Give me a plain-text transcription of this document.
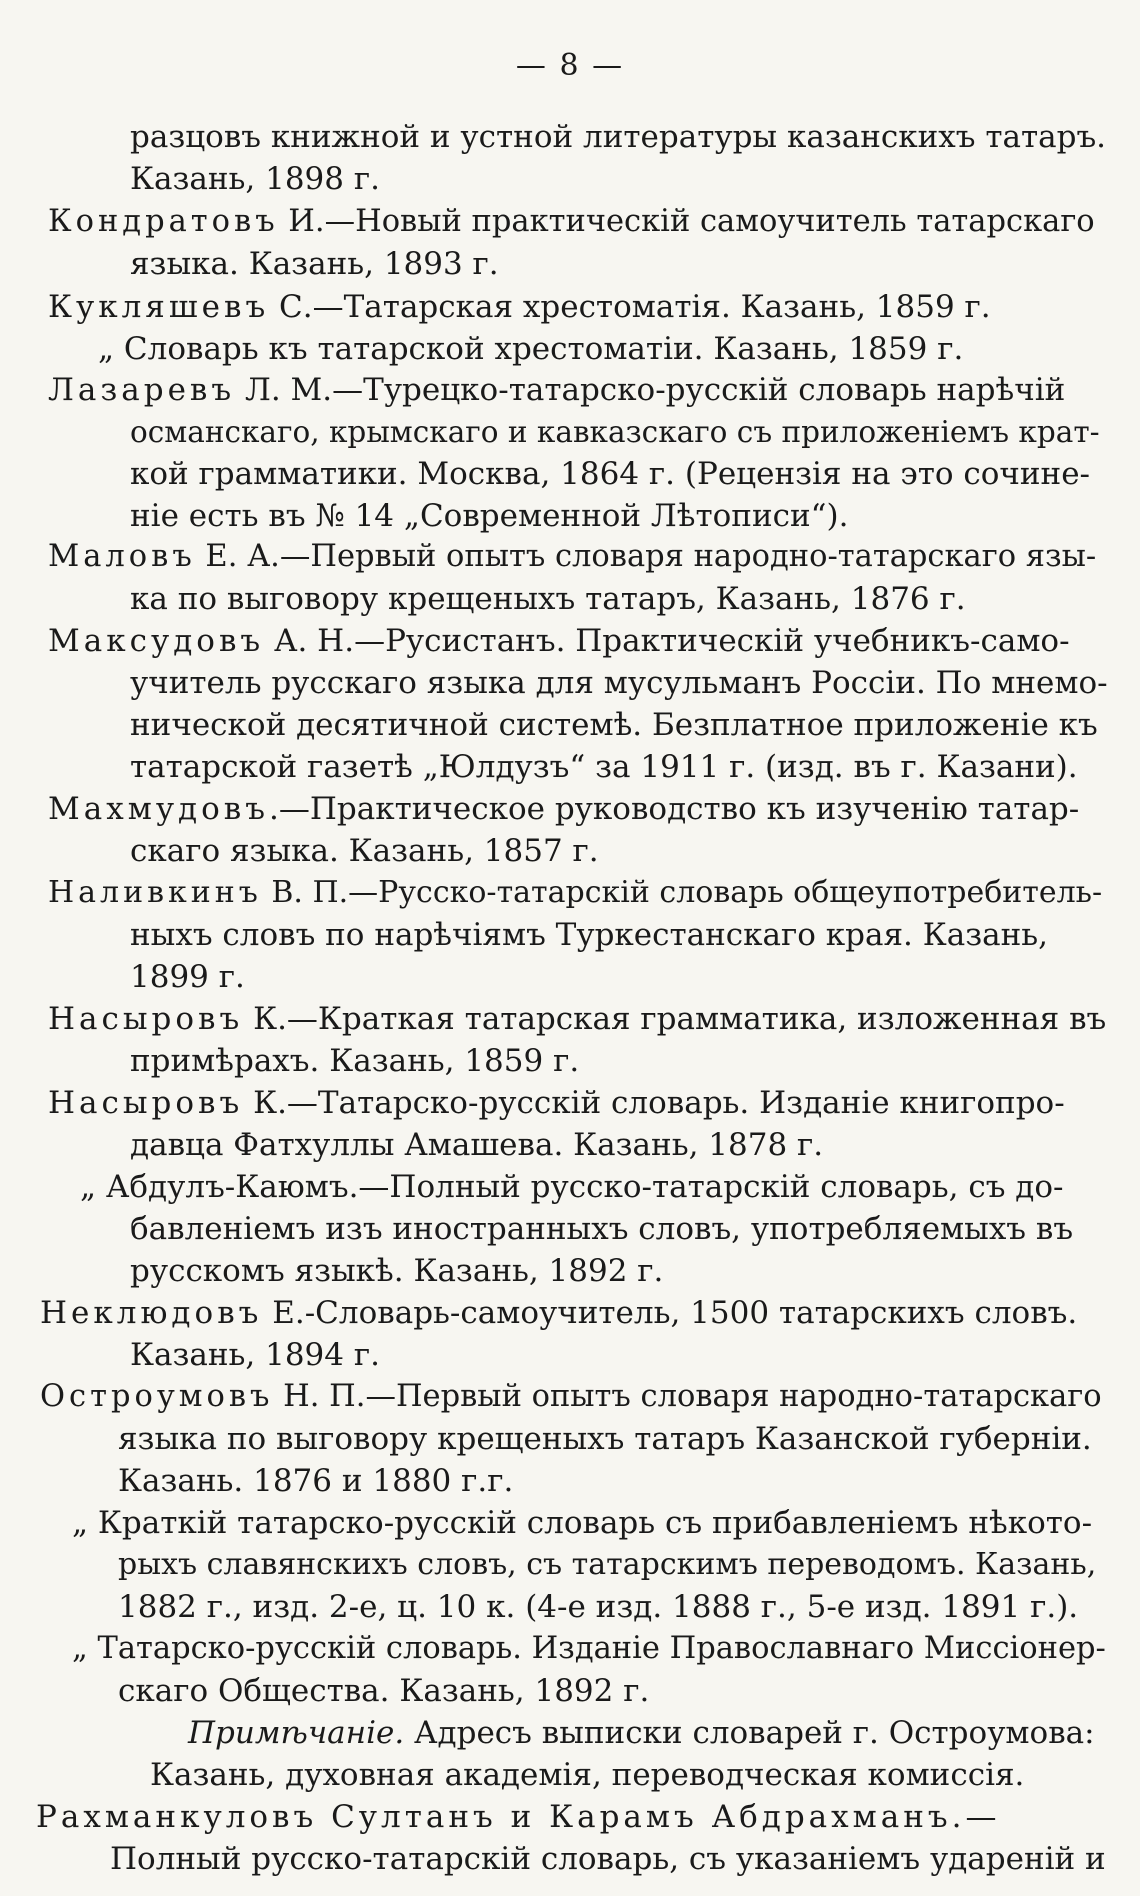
— 8 —
разцовъ книжной и устной литературы казанскихъ татаръ.
Казань, 1898 г.
Кондратовъ И.—Новый практическій самоучитель татарскаго
языка. Казань, 1893 г.
Кукляшевъ С.—Татарская хрестоматія. Казань, 1859 г.
„ Словарь къ татарской хрестоматіи. Казань, 1859 г.
Лазаревъ Л. М.—Турецко-татарско-русскій словарь нарѣчій
османскаго, крымскаго и кавказскаго съ приложеніемъ крат-
кой грамматики. Москва, 1864 г. (Рецензія на это сочине-
ніе есть въ № 14 „Современной Лѣтописи“).
Маловъ Е. А.—Первый опытъ словаря народно-татарскаго язы-
ка по выговору крещеныхъ татаръ, Казань, 1876 г.
Максудовъ А. Н.—Русистанъ. Практическій учебникъ-само-
учитель русскаго языка для мусульманъ Россіи. По мнемо-
нической десятичной системѣ. Безплатное приложеніе къ
татарской газетѣ „Юлдузъ“ за 1911 г. (изд. въ г. Казани).
Махмудовъ.—Практическое руководство къ изученію татар-
скаго языка. Казань, 1857 г.
Наливкинъ В. П.—Русско-татарскій словарь общеупотребитель-
ныхъ словъ по нарѣчіямъ Туркестанскаго края. Казань,
1899 г.
Насыровъ К.—Краткая татарская грамматика, изложенная въ
примѣрахъ. Казань, 1859 г.
Насыровъ К.—Татарско-русскій словарь. Изданіе книгопро-
давца Фатхуллы Амашева. Казань, 1878 г.
„ Абдулъ-Каюмъ.—Полный русско-татарскій словарь, съ до-
бавленіемъ изъ иностранныхъ словъ, употребляемыхъ въ
русскомъ языкѣ. Казань, 1892 г.
Неклюдовъ Е.-Словарь-самоучитель, 1500 татарскихъ словъ.
Казань, 1894 г.
Остроумовъ Н. П.—Первый опытъ словаря народно-татарскаго
языка по выговору крещеныхъ татаръ Казанской губерніи.
Казань. 1876 и 1880 г.г.
„ Краткій татарско-русскій словарь съ прибавленіемъ нѣкото-
рыхъ славянскихъ словъ, съ татарскимъ переводомъ. Казань,
1882 г., изд. 2-е, ц. 10 к. (4-е изд. 1888 г., 5-е изд. 1891 г.).
„ Татарско-русскій словарь. Изданіе Православнаго Миссіонер-
скаго Общества. Казань, 1892 г.
Примѣчаніе. Адресъ выписки словарей г. Остроумова:
Казань, духовная академія, переводческая комиссія.
Рахманкуловъ Султанъ и Карамъ Абдрахманъ.—
Полный русско-татарскій словарь, съ указаніемъ удареній и
